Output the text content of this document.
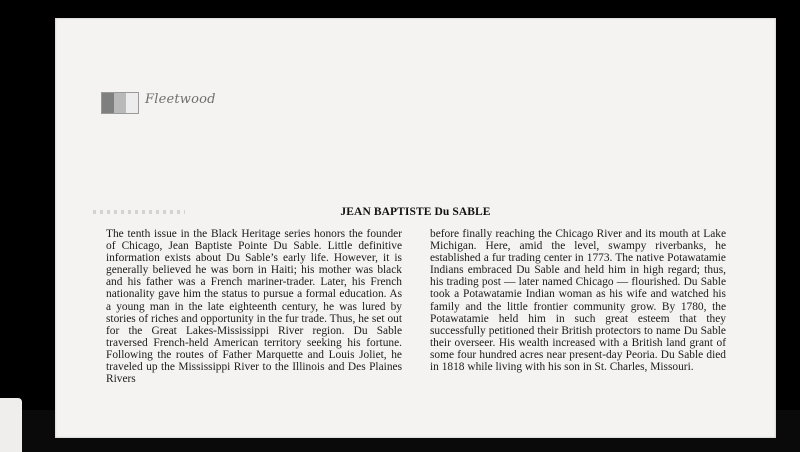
Fleetwood
JEAN BAPTISTE Du SABLE
The tenth issue in the Black Heritage series honors the founder of Chicago, Jean Baptiste Pointe Du Sable. Little definitive information exists about Du Sable’s early life. However, it is generally believed he was born in Haiti; his mother was black and his father was a French mariner-trader. Later, his French nationality gave him the status to pursue a formal education. As a young man in the late eighteenth century, he was lured by stories of riches and opportunity in the fur trade. Thus, he set out for the Great Lakes-Mississippi River region. Du Sable traversed French-held American territory seeking his fortune. Following the routes of Father Marquette and Louis Joliet, he traveled up the Mississippi River to the Illinois and Des Plaines Rivers
before finally reaching the Chicago River and its mouth at Lake Michigan. Here, amid the level, swampy riverbanks, he established a fur trading center in 1773. The native Potawatamie Indians embraced Du Sable and held him in high regard; thus, his trading post — later named Chicago — flourished. Du Sable took a Potawatamie Indian woman as his wife and watched his family and the little frontier community grow. By 1780, the Potawatamie held him in such great esteem that they successfully petitioned their British protectors to name Du Sable their overseer. His wealth increased with a British land grant of some four hundred acres near present-day Peoria. Du Sable died in 1818 while living with his son in St. Charles, Missouri.
